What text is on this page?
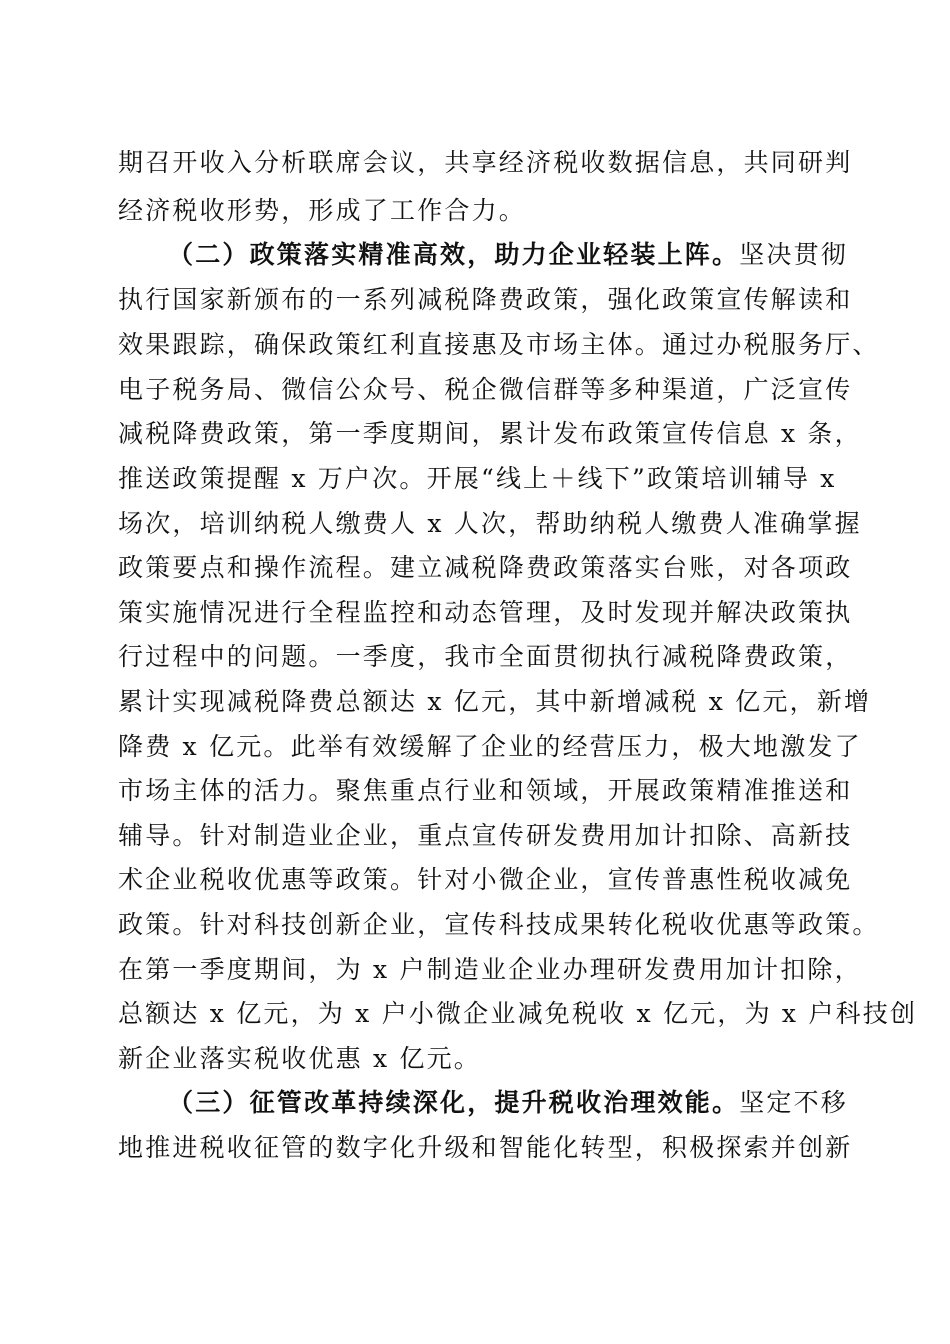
期召开收入分析联席会议，共享经济税收数据信息，共同研判
经济税收形势，形成了工作合力。
（二）政策落实精准高效，助力企业轻装上阵。坚决贯彻
执行国家新颁布的一系列减税降费政策，强化政策宣传解读和
效果跟踪，确保政策红利直接惠及市场主体。通过办税服务厅、
电子税务局、微信公众号、税企微信群等多种渠道，广泛宣传
减税降费政策，第一季度期间，累计发布政策宣传信息 x 条，
推送政策提醒 x 万户次。开展“线上＋线下”政策培训辅导 x
场次，培训纳税人缴费人 x 人次，帮助纳税人缴费人准确掌握
政策要点和操作流程。建立减税降费政策落实台账，对各项政
策实施情况进行全程监控和动态管理，及时发现并解决政策执
行过程中的问题。一季度，我市全面贯彻执行减税降费政策，
累计实现减税降费总额达 x 亿元，其中新增减税 x 亿元，新增
降费 x 亿元。此举有效缓解了企业的经营压力，极大地激发了
市场主体的活力。聚焦重点行业和领域，开展政策精准推送和
辅导。针对制造业企业，重点宣传研发费用加计扣除、高新技
术企业税收优惠等政策。针对小微企业，宣传普惠性税收减免
政策。针对科技创新企业，宣传科技成果转化税收优惠等政策。
在第一季度期间，为 x 户制造业企业办理研发费用加计扣除，
总额达 x 亿元，为 x 户小微企业减免税收 x 亿元，为 x 户科技创
新企业落实税收优惠 x 亿元。
（三）征管改革持续深化，提升税收治理效能。坚定不移
地推进税收征管的数字化升级和智能化转型，积极探索并创新
